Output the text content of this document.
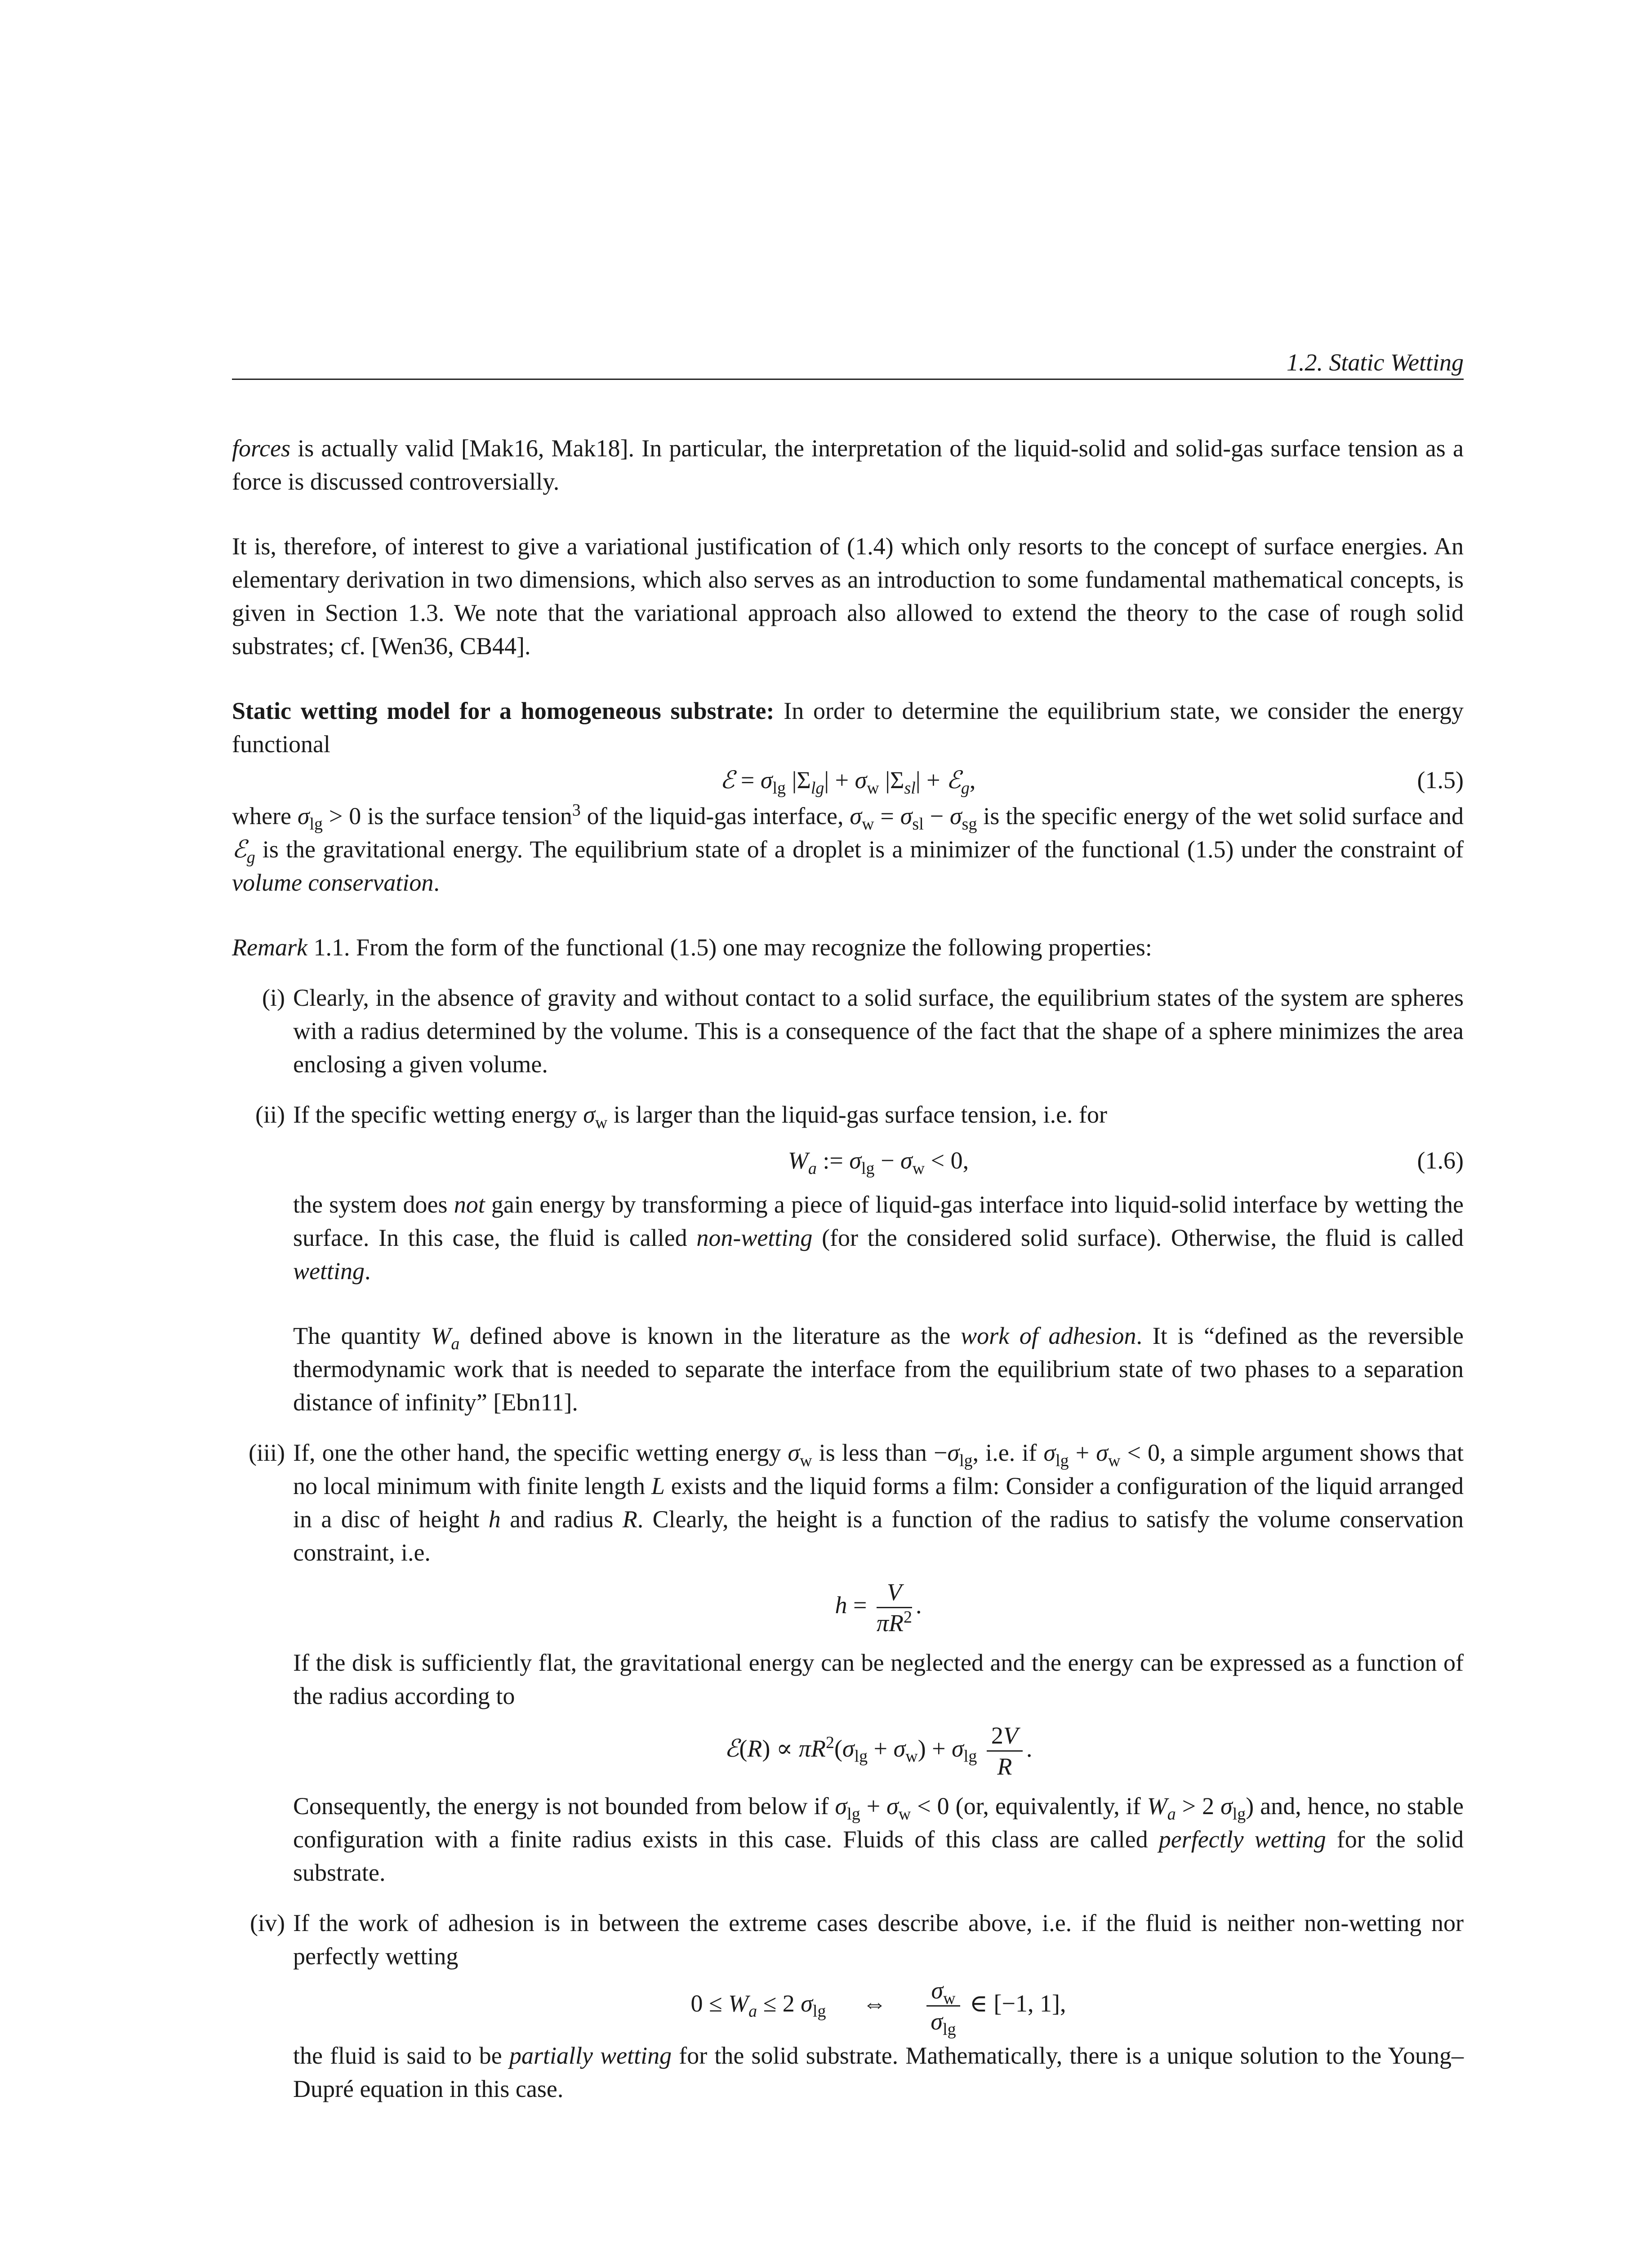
1.2. Static Wetting

forces is actually valid [Mak16, Mak18]. In particular, the interpretation of the liquid-solid and solid-gas surface tension as a force is discussed controversially.

It is, therefore, of interest to give a variational justification of (1.4) which only resorts to the concept of surface energies. An elementary derivation in two dimensions, which also serves as an introduction to some fundamental mathematical concepts, is given in Section 1.3. We note that the variational approach also allowed to extend the theory to the case of rough solid substrates; cf. [Wen36, CB44].

Static wetting model for a homogeneous substrate: In order to determine the equilibrium state, we consider the energy functional

ℰ = $\sigma_{lg}$ $|\Sigma_{lg}| + \sigma_w$ $|\Sigma_{sl}|$ + ℰ$_g$,	(1.5)

where $\sigma_{lg} > 0$ is the surface tension$^3$ of the liquid-gas interface, $\sigma_w = \sigma_{sl} - \sigma_{sg}$ is the specific energy of the wet solid surface and ℰ$_g$ is the gravitational energy. The equilibrium state of a droplet is a minimizer of the functional (1.5) under the constraint of volume conservation.

Remark 1.1. From the form of the functional (1.5) one may recognize the following properties:

(i) Clearly, in the absence of gravity and without contact to a solid surface, the equilibrium states of the system are spheres with a radius determined by the volume. This is a consequence of the fact that the shape of a sphere minimizes the area enclosing a given volume.

(ii) If the specific wetting energy $\sigma_w$ is larger than the liquid-gas surface tension, i.e. for

$W_a$ := $\sigma_{lg} - \sigma_w < 0$,	(1.6)

the system does not gain energy by transforming a piece of liquid-gas interface into liquid-solid interface by wetting the surface. In this case, the fluid is called non-wetting (for the considered solid surface). Otherwise, the fluid is called wetting.

The quantity $W_a$ defined above is known in the literature as the work of adhesion. It is “defined as the reversible thermodynamic work that is needed to separate the interface from the equilibrium state of two phases to a separation distance of infinity” [Ebn11].

(iii) If, one the other hand, the specific wetting energy $\sigma_w$ is less than $-\sigma_{lg}$, i.e. if $\sigma_{lg} + \sigma_w < 0$, a simple argument shows that no local minimum with finite length L exists and the liquid forms a film: Consider a configuration of the liquid arranged in a disc of height h and radius R. Clearly, the height is a function of the radius to satisfy the volume conservation constraint, i.e.

$h = \frac{V}{\pi R^2}$ .

If the disk is sufficiently flat, the gravitational energy can be neglected and the energy can be expressed as a function of the radius according to

ℰ(R) ∝ $\pi R^2(\sigma_{lg} + \sigma_w) + \sigma_{lg} \frac{2V}{R}$ .

Consequently, the energy is not bounded from below if $\sigma_{lg} + \sigma_w < 0$ (or, equivalently, if $W_a > 2$ $\sigma_{lg}$) and, hence, no stable configuration with a finite radius exists in this case. Fluids of this class are called perfectly wetting for the solid substrate.

(iv) If the work of adhesion is in between the extreme cases describe above, i.e. if the fluid is neither non-wetting nor perfectly wetting

$0 \le W_a \le 2$ $\sigma_{lg}$      ⇔ $\frac{\sigma_w}{\sigma_{lg}}$ ∈ [−1, 1],

the fluid is said to be partially wetting for the solid substrate. Mathematically, there is a unique solution to the Young–Dupré equation in this case.
